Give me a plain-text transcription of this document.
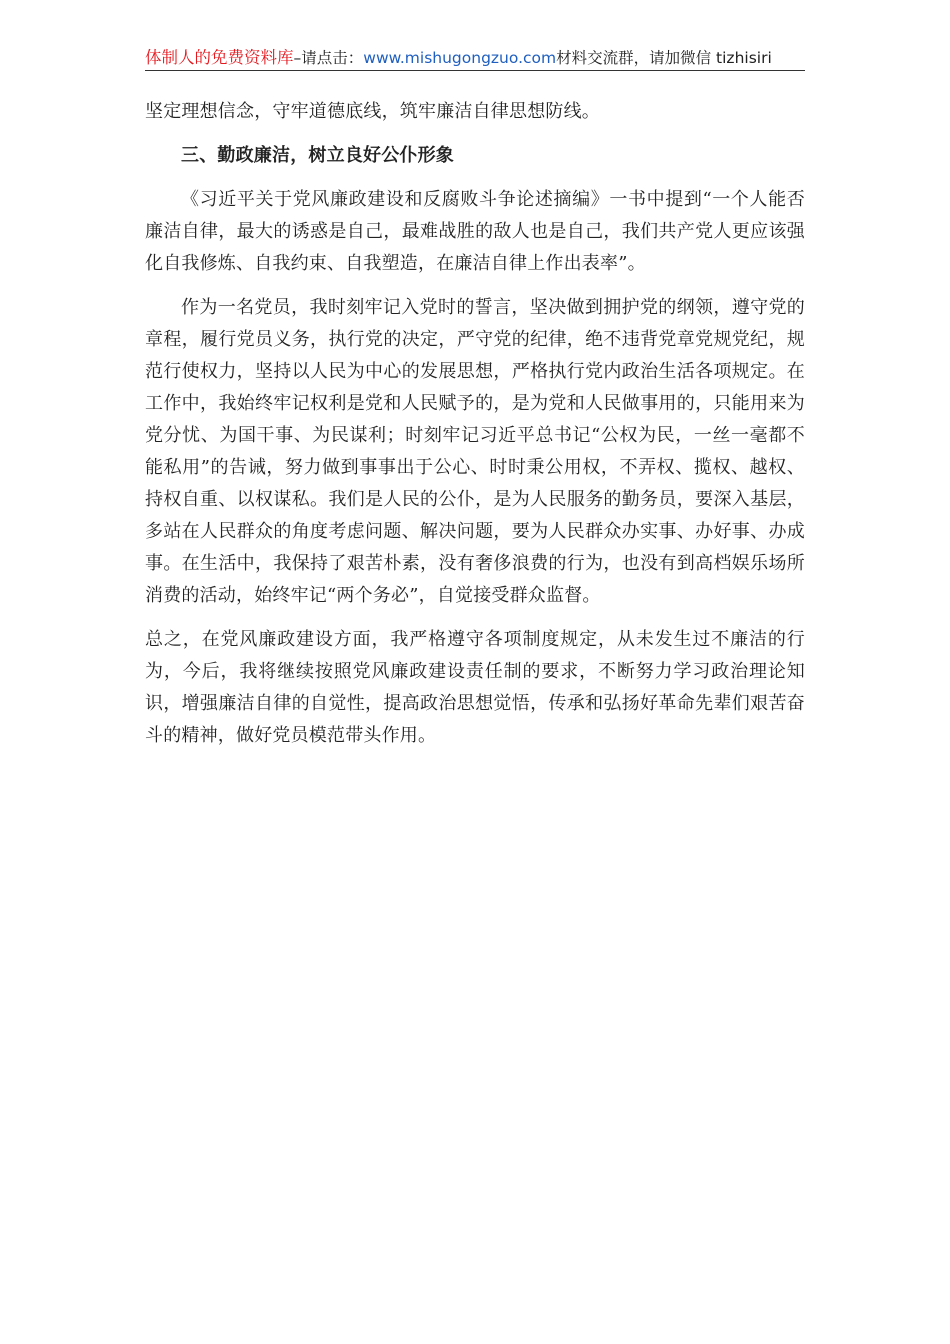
体制人的免费资料库–请点击：www.mishugongzuo.com材料交流群，请加微信 tizhisiri

坚定理想信念，守牢道德底线，筑牢廉洁自律思想防线。

三、勤政廉洁，树立良好公仆形象

《习近平关于党风廉政建设和反腐败斗争论述摘编》一书中提到“一个人能否廉洁自律，最大的诱惑是自己，最难战胜的敌人也是自己，我们共产党人更应该强化自我修炼、自我约束、自我塑造，在廉洁自律上作出表率”。

作为一名党员，我时刻牢记入党时的誓言，坚决做到拥护党的纲领，遵守党的章程，履行党员义务，执行党的决定，严守党的纪律，绝不违背党章党规党纪，规范行使权力，坚持以人民为中心的发展思想，严格执行党内政治生活各项规定。在工作中，我始终牢记权利是党和人民赋予的，是为党和人民做事用的，只能用来为党分忧、为国干事、为民谋利；时刻牢记习近平总书记“公权为民，一丝一毫都不能私用”的告诫，努力做到事事出于公心、时时秉公用权，不弄权、揽权、越权、持权自重、以权谋私。我们是人民的公仆，是为人民服务的勤务员，要深入基层，多站在人民群众的角度考虑问题、解决问题，要为人民群众办实事、办好事、办成事。在生活中，我保持了艰苦朴素，没有奢侈浪费的行为，也没有到高档娱乐场所消费的活动，始终牢记“两个务必”，自觉接受群众监督。

总之，在党风廉政建设方面，我严格遵守各项制度规定，从未发生过不廉洁的行为，今后，我将继续按照党风廉政建设责任制的要求，不断努力学习政治理论知识，增强廉洁自律的自觉性，提高政治思想觉悟，传承和弘扬好革命先辈们艰苦奋斗的精神，做好党员模范带头作用。
